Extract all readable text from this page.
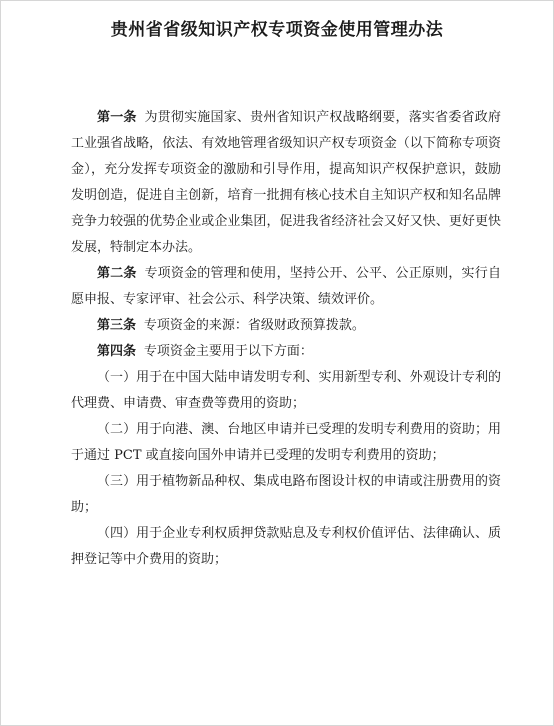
贵州省省级知识产权专项资金使用管理办法

第一条 为贯彻实施国家、贵州省知识产权战略纲要，落实省委省政府工业强省战略，依法、有效地管理省级知识产权专项资金（以下简称专项资金），充分发挥专项资金的激励和引导作用，提高知识产权保护意识，鼓励发明创造，促进自主创新，培育一批拥有核心技术自主知识产权和知名品牌竞争力较强的优势企业或企业集团，促进我省经济社会又好又快、更好更快发展，特制定本办法。

第二条 专项资金的管理和使用，坚持公开、公平、公正原则，实行自愿申报、专家评审、社会公示、科学决策、绩效评价。

第三条 专项资金的来源：省级财政预算拨款。

第四条 专项资金主要用于以下方面：

（一）用于在中国大陆申请发明专利、实用新型专利、外观设计专利的代理费、申请费、审查费等费用的资助；

（二）用于向港、澳、台地区申请并已受理的发明专利费用的资助；用于通过 PCT 或直接向国外申请并已受理的发明专利费用的资助；

（三）用于植物新品种权、集成电路布图设计权的申请或注册费用的资助；

（四）用于企业专利权质押贷款贴息及专利权价值评估、法律确认、质押登记等中介费用的资助；
